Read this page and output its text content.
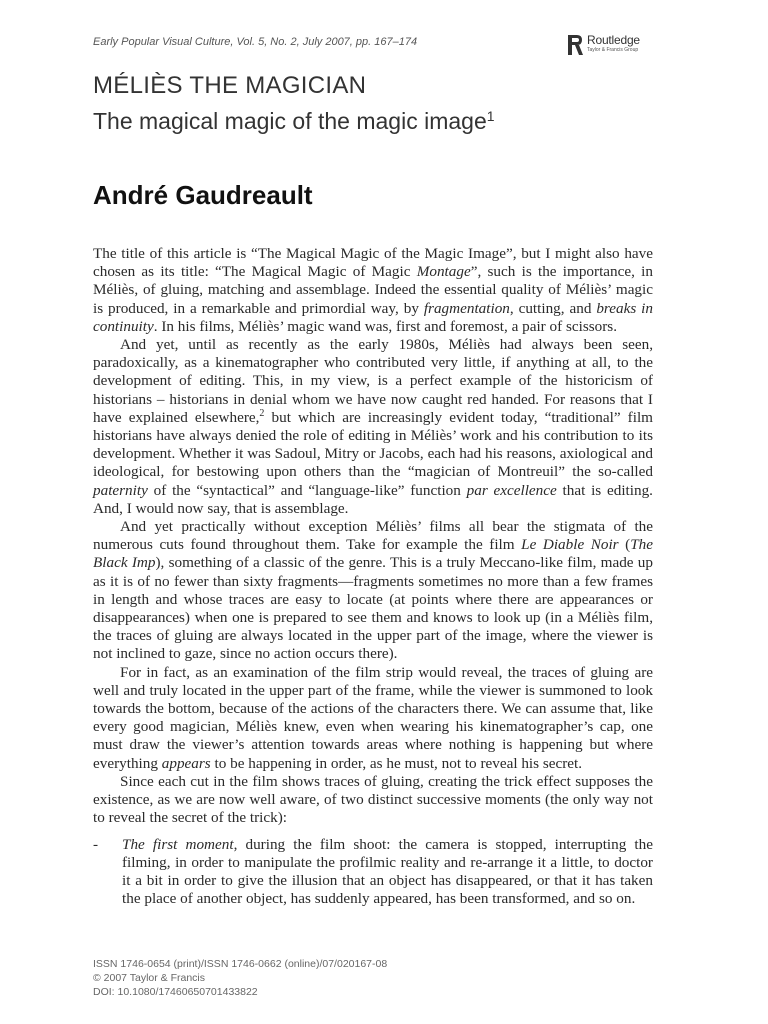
Early Popular Visual Culture, Vol. 5, No. 2, July 2007, pp. 167–174	Routledge
Taylor & Francis Group
MÉLIÈS THE MAGICIAN
The magical magic of the magic image$^1$
André Gaudreault

The title of this article is “The Magical Magic of the Magic Image”, but I might also have chosen as its title: “The Magical Magic of Magic Montage”, such is the importance, in Méliès, of gluing, matching and assemblage. Indeed the essential quality of Méliès’ magic is produced, in a remarkable and primordial way, by fragmentation, cutting, and breaks in continuity. In his films, Méliès’ magic wand was, first and foremost, a pair of scissors.

And yet, until as recently as the early 1980s, Méliès had always been seen, paradoxically, as a kinematographer who contributed very little, if anything at all, to the development of editing. This, in my view, is a perfect example of the historicism of historians – historians in denial whom we have now caught red handed. For reasons that I have explained elsewhere,$^2$ but which are increasingly evident today, “traditional” film historians have always denied the role of editing in Méliès’ work and his contribution to its development. Whether it was Sadoul, Mitry or Jacobs, each had his reasons, axiological and ideological, for bestowing upon others than the “magician of Montreuil” the so-called paternity of the “syntactical” and “language-like” function par excellence that is editing. And, I would now say, that is assemblage.

And yet practically without exception Méliès’ films all bear the stigmata of the numerous cuts found throughout them. Take for example the film Le Diable Noir (The Black Imp), something of a classic of the genre. This is a truly Meccano-like film, made up as it is of no fewer than sixty fragments—fragments sometimes no more than a few frames in length and whose traces are easy to locate (at points where there are appearances or disappearances) when one is prepared to see them and knows to look up (in a Méliès film, the traces of gluing are always located in the upper part of the image, where the viewer is not inclined to gaze, since no action occurs there).

For in fact, as an examination of the film strip would reveal, the traces of gluing are well and truly located in the upper part of the frame, while the viewer is summoned to look towards the bottom, because of the actions of the characters there. We can assume that, like every good magician, Méliès knew, even when wearing his kinematographer’s cap, one must draw the viewer’s attention towards areas where nothing is happening but where everything appears to be happening in order, as he must, not to reveal his secret.

Since each cut in the film shows traces of gluing, creating the trick effect supposes the existence, as we are now well aware, of two distinct successive moments (the only way not to reveal the secret of the trick):

-	The first moment, during the film shoot: the camera is stopped, interrupting the filming, in order to manipulate the profilmic reality and re-arrange it a little, to doctor it a bit in order to give the illusion that an object has disappeared, or that it has taken the place of another object, has suddenly appeared, has been transformed, and so on.
ISSN 1746-0654 (print)/ISSN 1746-0662 (online)/07/020167-08
© 2007 Taylor & Francis
DOI: 10.1080/17460650701433822
